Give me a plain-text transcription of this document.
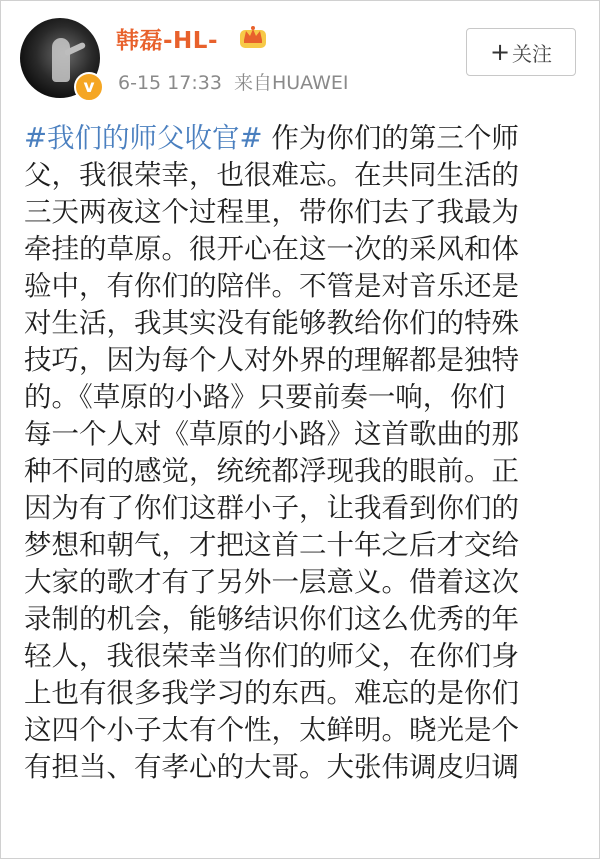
v
韩磊-HL-
6-15 17:33 来自HUAWEI
+ 关注
#我们的师父收官# 作为你们的第三个师
父，我很荣幸，也很难忘。在共同生活的
三天两夜这个过程里，带你们去了我最为
牵挂的草原。很开心在这一次的采风和体
验中，有你们的陪伴。不管是对音乐还是
对生活，我其实没有能够教给你们的特殊
技巧，因为每个人对外界的理解都是独特
的。《草原的小路》只要前奏一响，你们
每一个人对《草原的小路》这首歌曲的那
种不同的感觉，统统都浮现我的眼前。正
因为有了你们这群小子，让我看到你们的
梦想和朝气，才把这首二十年之后才交给
大家的歌才有了另外一层意义。借着这次
录制的机会，能够结识你们这么优秀的年
轻人，我很荣幸当你们的师父，在你们身
上也有很多我学习的东西。难忘的是你们
这四个小子太有个性，太鲜明。晓光是个
有担当、有孝心的大哥。大张伟调皮归调
